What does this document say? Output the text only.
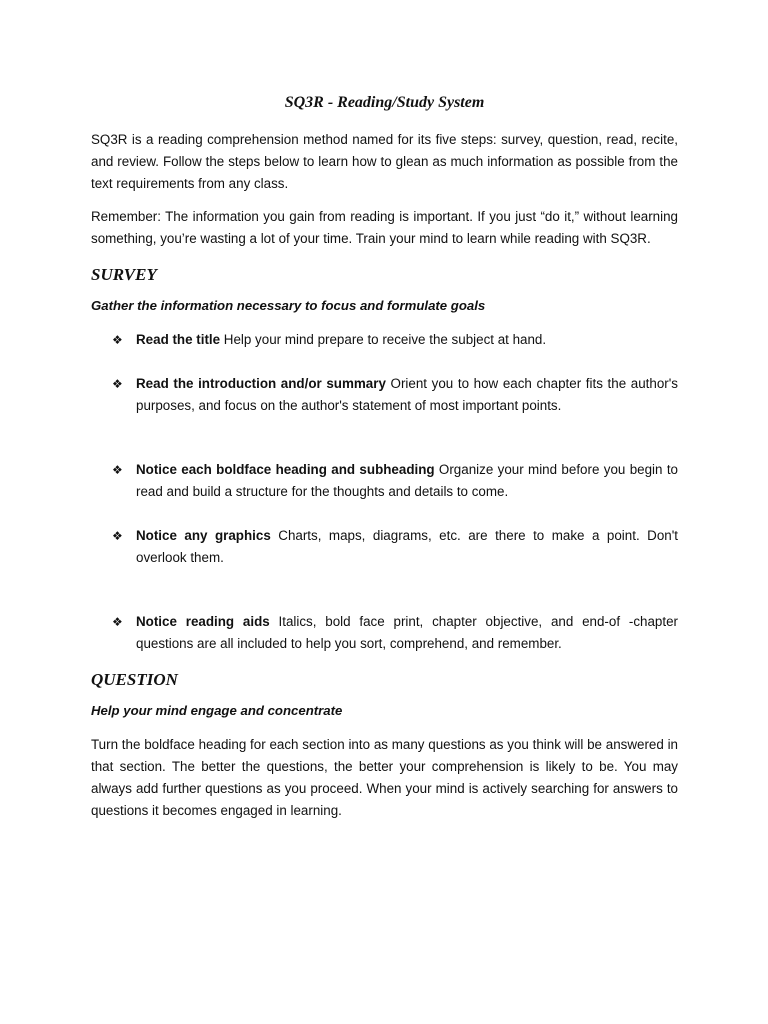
SQ3R - Reading/Study System

SQ3R is a reading comprehension method named for its five steps: survey, question, read, recite, and review. Follow the steps below to learn how to glean as much information as possible from the text requirements from any class.

Remember: The information you gain from reading is important. If you just “do it,” without learning something, you’re wasting a lot of your time. Train your mind to learn while reading with SQ3R.

SURVEY
Gather the information necessary to focus and formulate goals
❖ Read the title Help your mind prepare to receive the subject at hand.
❖ Read the introduction and/or summary Orient you to how each chapter fits the author's purposes, and focus on the author's statement of most important points.
❖ Notice each boldface heading and subheading Organize your mind before you begin to read and build a structure for the thoughts and details to come.
❖ Notice any graphics Charts, maps, diagrams, etc. are there to make a point. Don't overlook them.
❖ Notice reading aids Italics, bold face print, chapter objective, and end-of -chapter questions are all included to help you sort, comprehend, and remember.
QUESTION
Help your mind engage and concentrate

Turn the boldface heading for each section into as many questions as you think will be answered in that section. The better the questions, the better your comprehension is likely to be. You may always add further questions as you proceed. When your mind is actively searching for answers to questions it becomes engaged in learning.
